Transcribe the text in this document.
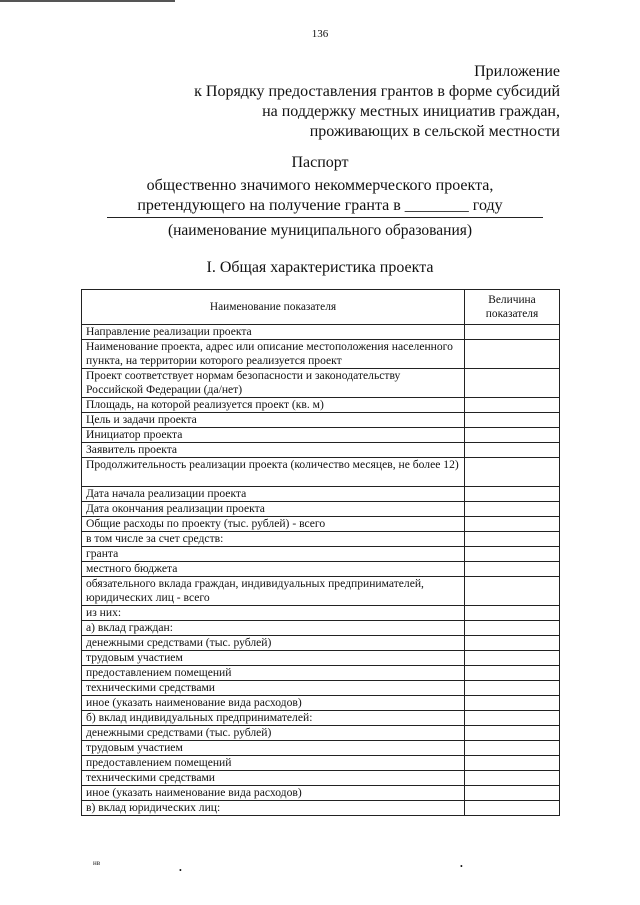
136
Приложение
к Порядку предоставления грантов в форме субсидий
на поддержку местных инициатив граждан,
проживающих в сельской местности
Паспорт
общественно значимого некоммерческого проекта,
претендующего на получение гранта в ________ году
(наименование муниципального образования)
I. Общая характеристика проекта
Наименование показателя	Величина показателя
Направление реализации проекта	
Наименование проекта, адрес или описание местоположения населенного пункта, на территории которого реализуется проект	
Проект соответствует нормам безопасности и законодательству Российской Федерации (да/нет)	
Площадь, на которой реализуется проект (кв. м)	
Цель и задачи проекта	
Инициатор проекта	
Заявитель проекта	
Продолжительность реализации проекта (количество месяцев, не более 12)	
Дата начала реализации проекта	
Дата окончания реализации проекта	
Общие расходы по проекту (тыс. рублей) - всего	
в том числе за счет средств:	
гранта	
местного бюджета	
обязательного вклада граждан, индивидуальных предпринимателей, юридических лиц - всего	
из них:	
а) вклад граждан:	
денежными средствами (тыс. рублей)	
трудовым участием	
предоставлением помещений	
техническими средствами	
иное (указать наименование вида расходов)	
б) вклад индивидуальных предпринимателей:	
денежными средствами (тыс. рублей)	
трудовым участием	
предоставлением помещений	
техническими средствами	
иное (указать наименование вида расходов)	
в) вклад юридических лиц:	
нв
•	•
